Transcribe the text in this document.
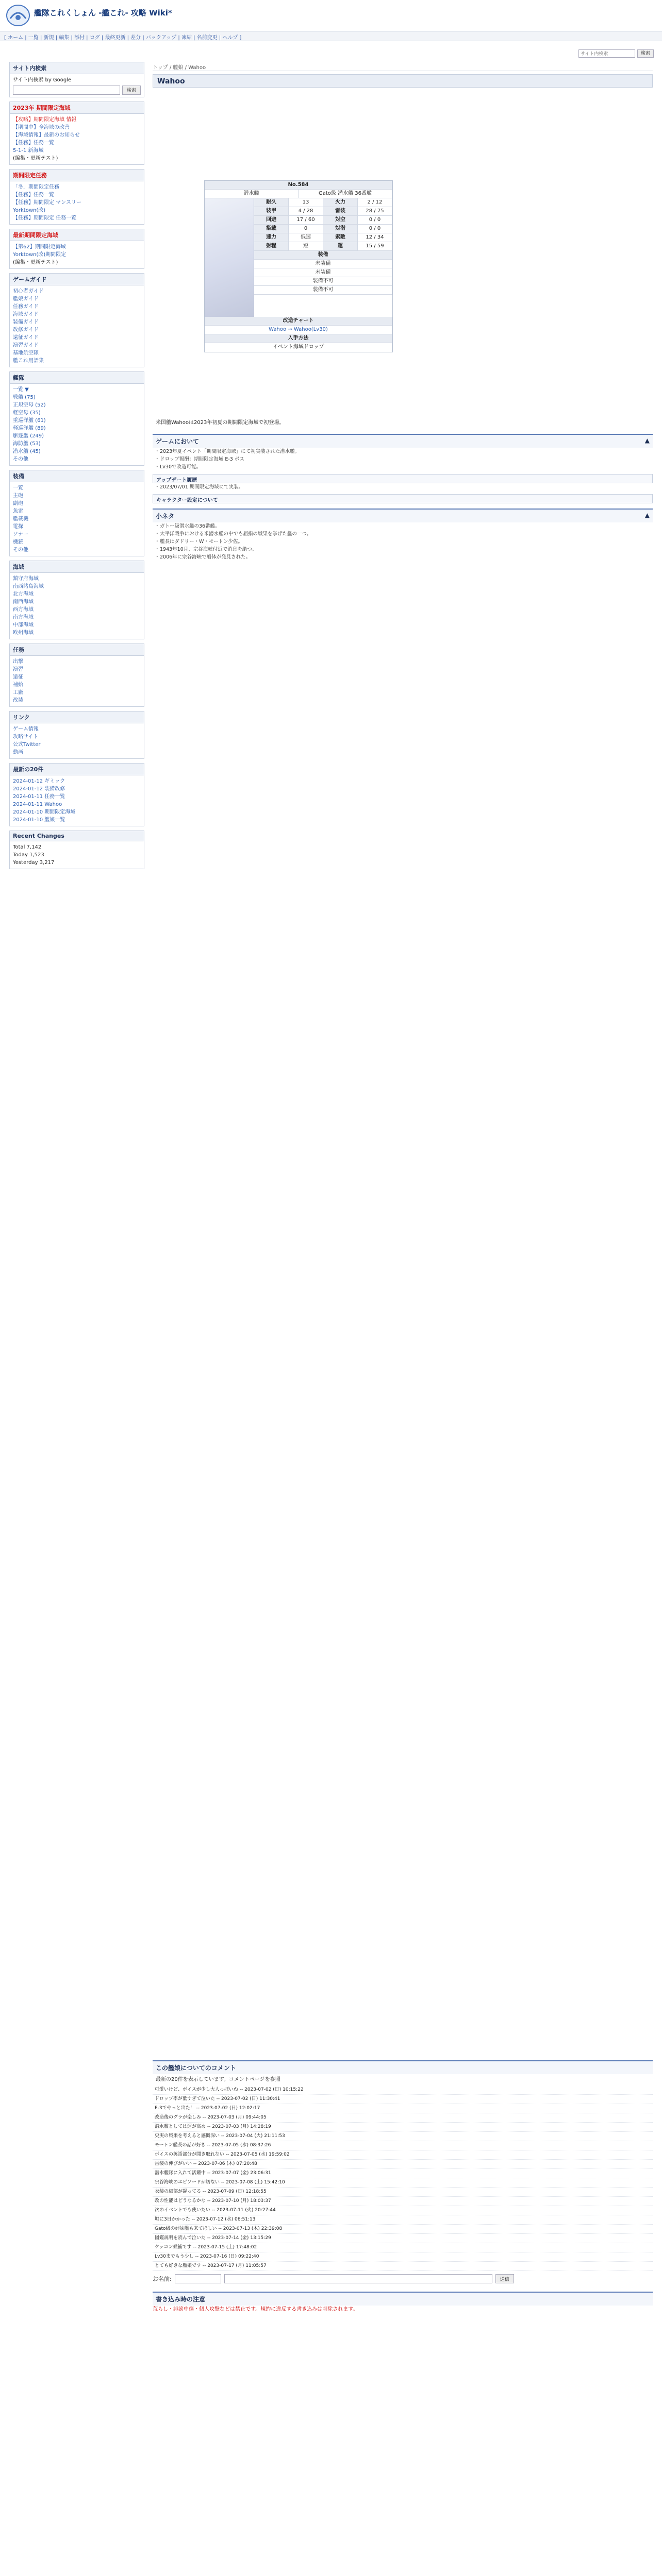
艦隊これくしょん -艦これ- 攻略 Wiki*
[ ホーム | 一覧 | 新規 | 編集 | 添付 | ログ | 最終更新 | 差分 | バックアップ | 凍結 | 名前変更 | ヘルプ ]
サイト内検索
検索
サイト内検索
サイト内検索 by Google
検索
2023年 期間限定海域
【攻略】期間限定海域 情報
【期間中】全海域の改善
【海域情報】最新のお知らせ
【任務】任務一覧
5-1-1 新海域
(編集・更新テスト)
期間限定任務
「冬」期間限定任務
【任務】任務一覧
【任務】期間限定 マンスリー
Yorktown(改)
【任務】期間限定 任務一覧
最新期間限定海域
【第62】期間限定海域
Yorktown(改)期間限定
(編集・更新テスト)
ゲームガイド
初心者ガイド
艦娘ガイド
任務ガイド
海域ガイド
装備ガイド
改修ガイド
遠征ガイド
演習ガイド
基地航空隊
艦これ用語集
艦隊
一覧 ▼
戦艦 (75)
正規空母 (52)
軽空母 (35)
重巡洋艦 (61)
軽巡洋艦 (89)
駆逐艦 (249)
海防艦 (53)
潜水艦 (45)
その他
装備
一覧
主砲
副砲
魚雷
艦載機
電探
ソナー
機銃
その他
海域
鎮守府海域
南西諸島海域
北方海域
南西海域
西方海域
南方海域
中部海域
欧州海域
任務
出撃
演習
遠征
補給
工廠
改装
リンク
ゲーム情報
攻略サイト
公式Twitter
動画
最新の20件
2024-01-12 ギミック
2024-01-12 装備改修
2024-01-11 任務一覧
2024-01-11 Wahoo
2024-01-10 期間限定海域
2024-01-10 艦娘一覧
Recent Changes
Total 7,142
Today 1,523
Yesterday 3,217
トップ / 艦娘 / Wahoo
Wahoo
No.584
潜水艦	Gato級 潜水艦 36番艦
耐久	13	火力	2 / 12
装甲	4 / 28	雷装	28 / 75
回避	17 / 60	対空	0 / 0
搭載	0	対潜	0 / 0
速力	低速	索敵	12 / 34
射程	短	運	15 / 59
装備
未装備
未装備
装備不可
装備不可
改造チャート
Wahoo → Wahoo(Lv30)
入手方法
イベント海域ドロップ
米国艦Wahooは2023年初夏の期間限定海域で初登場。
ゲームにおいて	▲
・ 2023年夏イベント「期間限定海域」にて初実装された潜水艦。
・ ドロップ報酬：期間限定海域 E-3 ボス
・ Lv30で改造可能。
アップデート履歴
・ 2023/07/01 期間限定海域にて実装。
キャラクター設定について
小ネタ	▲
・ ガトー級潜水艦の36番艦。
・ 太平洋戦争における米潜水艦の中でも屈指の戦果を挙げた艦の一つ。
・ 艦長はダドリー・W・モートン少佐。
・ 1943年10月、宗谷海峡付近で消息を絶つ。
・ 2006年に宗谷海峡で船体が発見された。
この艦娘についてのコメント
最新の20件を表示しています。コメントページを参照
可愛いけど、ボイスが少し大人っぽいね -- 2023-07-02 (日) 10:15:22
ドロップ率が低すぎて泣いた -- 2023-07-02 (日) 11:30:41
E-3でやっと出た！ -- 2023-07-02 (日) 12:02:17
改造後のグラが楽しみ -- 2023-07-03 (月) 09:44:05
潜水艦としては運が高め -- 2023-07-03 (月) 14:28:19
史実の戦果を考えると感慨深い -- 2023-07-04 (火) 21:11:53
モートン艦長の話が好き -- 2023-07-05 (水) 08:37:26
ボイスの英語部分が聞き取れない -- 2023-07-05 (水) 19:59:02
雷装の伸びがいい -- 2023-07-06 (木) 07:20:48
潜水艦隊に入れて活躍中 -- 2023-07-07 (金) 23:06:31
宗谷海峡のエピソードが切ない -- 2023-07-08 (土) 15:42:10
衣装の細部が凝ってる -- 2023-07-09 (日) 12:18:55
改の性能はどうなるかな -- 2023-07-10 (月) 18:03:37
次のイベントでも使いたい -- 2023-07-11 (火) 20:27:44
堀に3日かかった -- 2023-07-12 (水) 06:51:13
Gato級の姉妹艦も来てほしい -- 2023-07-13 (木) 22:39:08
図鑑説明を読んで泣いた -- 2023-07-14 (金) 13:15:29
ケッコン候補です -- 2023-07-15 (土) 17:48:02
Lv30までもう少し -- 2023-07-16 (日) 09:22:40
とても好きな艦娘です -- 2023-07-17 (月) 11:05:57
お名前:	送信
書き込み時の注意
荒らし・誹謗中傷・個人攻撃などは禁止です。規約に違反する書き込みは削除されます。
